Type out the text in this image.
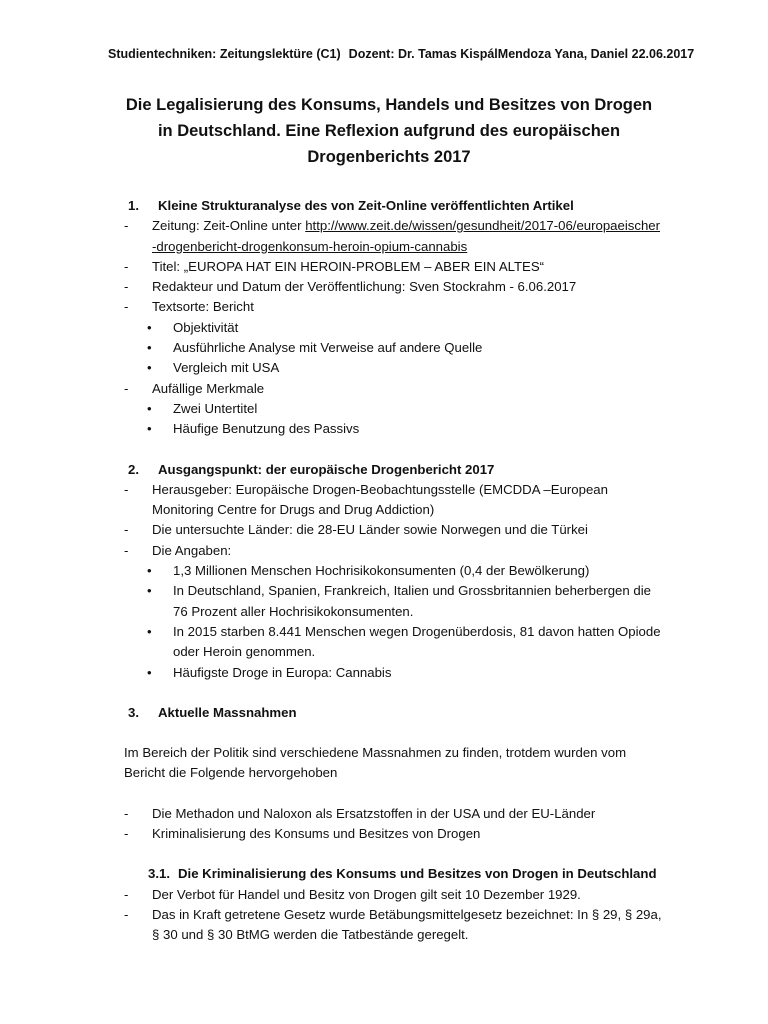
Studientechniken: Zeitungslektüre (C1) Dozent: Dr. Tamas Kispál Mendoza Yana, Daniel 22.06.2017
Die Legalisierung des Konsums, Handels und Besitzes von Drogen in Deutschland. Eine Reflexion aufgrund des europäischen Drogenberichts 2017
1.	Kleine Strukturanalyse des von Zeit-Online veröffentlichten Artikel
-	Zeitung: Zeit-Online unter http://www.zeit.de/wissen/gesundheit/2017-06/europaeischer-drogenbericht-drogenkonsum-heroin-opium-cannabis
-	Titel: „EUROPA HAT EIN HEROIN-PROBLEM – ABER EIN ALTES“
-	Redakteur und Datum der Veröffentlichung: Sven Stockrahm - 6.06.2017
-	Textsorte: Bericht
•	Objektivität
•	Ausführliche Analyse mit Verweise auf andere Quelle
•	Vergleich mit USA
-	Aufällige Merkmale
•	Zwei Untertitel
•	Häufige Benutzung des Passivs
2.	Ausgangspunkt: der europäische Drogenbericht 2017
-	Herausgeber: Europäische Drogen-Beobachtungsstelle (EMCDDA –European Monitoring Centre for Drugs and Drug Addiction)
-	Die untersuchte Länder: die 28-EU Länder sowie Norwegen und die Türkei
-	Die Angaben:
•	1,3 Millionen Menschen Hochrisikokonsumenten (0,4 der Bewölkerung)
•	In Deutschland, Spanien, Frankreich, Italien und Grossbritannien beherbergen die 76 Prozent aller Hochrisikokonsumenten.
•	In 2015 starben 8.441 Menschen wegen Drogenüberdosis, 81 davon hatten Opiode oder Heroin genommen.
•	Häufigste Droge in Europa: Cannabis
3.	Aktuelle Massnahmen

Im Bereich der Politik sind verschiedene Massnahmen zu finden, trotdem wurden vom Bericht die Folgende hervorgehoben

-	Die Methadon und Naloxon als Ersatzstoffen in der USA und der EU-Länder
-	Kriminalisierung des Konsums und Besitzes von Drogen
3.1. Die Kriminalisierung des Konsums und Besitzes von Drogen in Deutschland
-	Der Verbot für Handel und Besitz von Drogen gilt seit 10 Dezember 1929.
-	Das in Kraft getretene Gesetz wurde Betäbungsmittelgesetz bezeichnet: In § 29, § 29a, § 30 und § 30 BtMG werden die Tatbestände geregelt.
